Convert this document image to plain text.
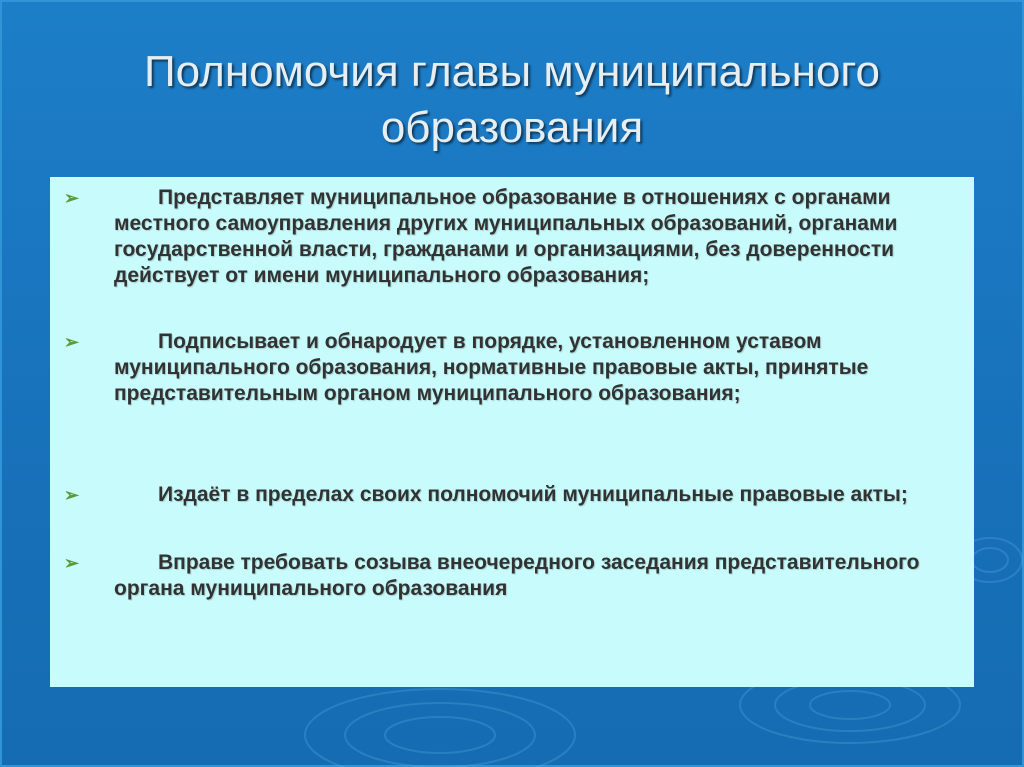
Полномочия главы муниципального образования
➢	Представляет муниципальное образование в отношениях с органами местного самоуправления других муниципальных образований, органами государственной власти, гражданами и организациями, без доверенности действует от имени муниципального образования;
➢	Подписывает и обнародует в порядке, установленном уставом муниципального образования, нормативные правовые акты, принятые представительным органом муниципального образования;
➢	Издаёт в пределах своих полномочий муниципальные правовые акты;
➢	Вправе требовать созыва внеочередного заседания представительного органа муниципального образования
